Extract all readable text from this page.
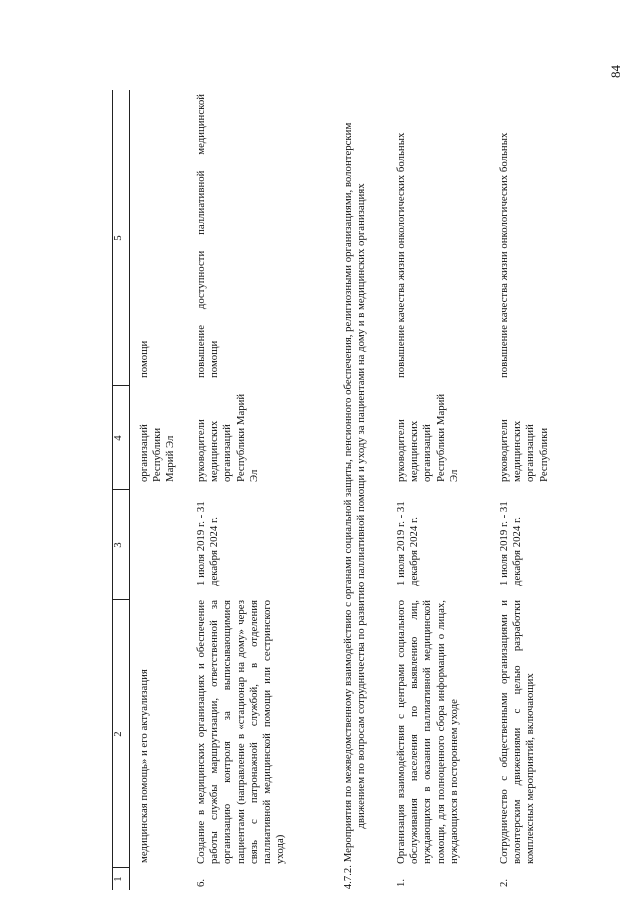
84
1
2
3
4
5
медицинская помощь» и его актуализация
организаций Республики Марий Эл
помощи
6.
Создание в медицинских организациях и обеспечение работы службы маршрутизации, ответственной за организацию контроля за выписывающимися пациентами (направление в «стационар на дому» через связь с патронажной службой, в отделения паллиативной медицинской помощи или сестринского ухода)
1 июля 2019 г. - 31 декабря 2024 г.
руководители медицинских организаций Республики Марий Эл
повышение доступности паллиативной медицинской помощи	4.7.2. Мероприятия по межведомственному взаимодействию с органами социальной защиты, пенсионного обеспечения, религиозными организациями, волонтерским движением по вопросам сотрудничества по развитию паллиативной помощи и уходу за пациентами на дому и в медицинских организациях
1.
Организация взаимодействия с центрами социального обслуживания населения по выявлению лиц, нуждающихся в оказании паллиативной медицинской помощи, для полноценного сбора информации о лицах, нуждающихся в постороннем уходе
1 июля 2019 г. - 31 декабря 2024 г.
руководители медицинских организаций Республики Марий Эл
повышение качества жизни онкологических больных
2.
Сотрудничество с общественными организациями и волонтерским движениями с целью разработки комплексных мероприятий, включающих
1 июля 2019 г. - 31 декабря 2024 г.
руководители медицинских организаций Республики
повышение качества жизни онкологических больных
